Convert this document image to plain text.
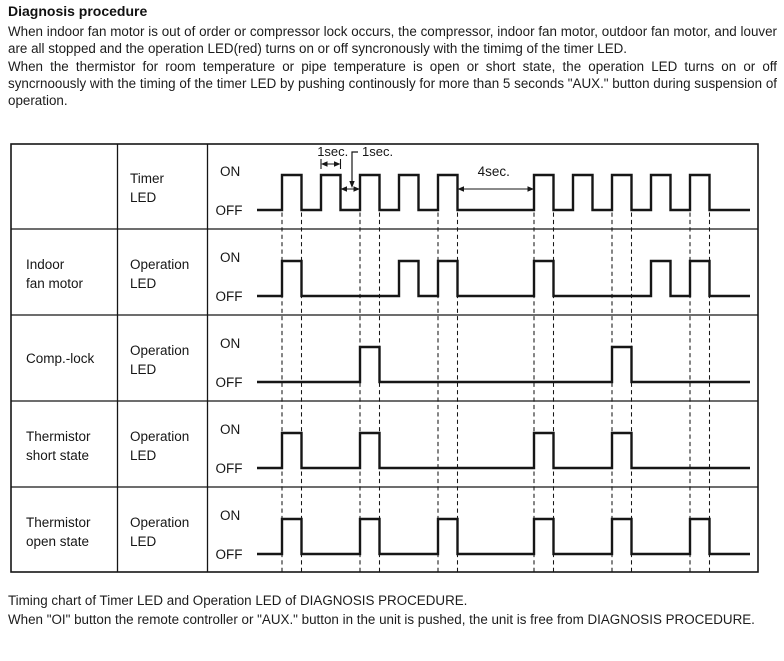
Diagnosis procedure

When indoor fan motor is out of order or compressor lock occurs, the compressor, indoor fan motor, outdoor fan motor, and louver are all stopped and the operation LED(red) turns on or off syncronously with the timimg of the timer LED.

When the thermistor for room temperature or pipe temperature is open or short state, the operation LED turns on or off syncrnoously with the timing of the timer LED by pushing continously for more than 5 seconds "AUX." button during suspension of operation.

Timer
LED
ON
OFF
Indoor
fan motor
Operation
LED
ON
OFF
Comp.-lock
Operation
LED
ON
OFF
Thermistor
short state
Operation
LED
ON
OFF
Thermistor
open state
Operation
LED
ON
OFF
1sec. 1sec.
4sec.

Timing chart of Timer LED and Operation LED of DIAGNOSIS PROCEDURE.

When "OI" button the remote controller or "AUX." button in the unit is pushed, the unit is free from DIAGNOSIS PROCEDURE.
